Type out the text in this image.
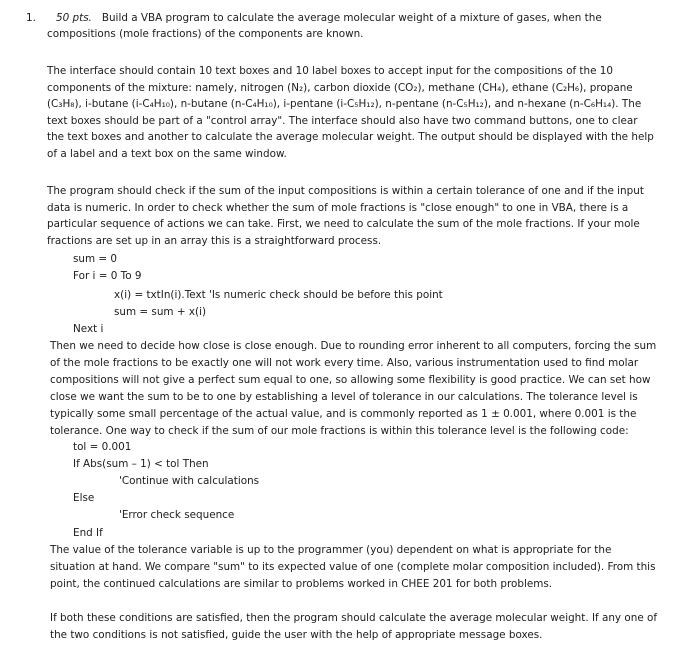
1. 50 pts. Build a VBA program to calculate the average molecular weight of a mixture of gases, when the
compositions (mole fractions) of the components are known.
The interface should contain 10 text boxes and 10 label boxes to accept input for the compositions of the 10
components of the mixture: namely, nitrogen (N₂), carbon dioxide (CO₂), methane (CH₄), ethane (C₂H₆), propane
(C₃H₈), i-butane (i-C₄H₁₀), n-butane (n-C₄H₁₀), i-pentane (i-C₅H₁₂), n-pentane (n-C₅H₁₂), and n-hexane (n-C₆H₁₄). The
text boxes should be part of a "control array". The interface should also have two command buttons, one to clear
the text boxes and another to calculate the average molecular weight. The output should be displayed with the help
of a label and a text box on the same window.
The program should check if the sum of the input compositions is within a certain tolerance of one and if the input
data is numeric. In order to check whether the sum of mole fractions is "close enough" to one in VBA, there is a
particular sequence of actions we can take. First, we need to calculate the sum of the mole fractions. If your mole
fractions are set up in an array this is a straightforward process.
sum = 0
For i = 0 To 9
x(i) = txtIn(i).Text 'Is numeric check should be before this point
sum = sum + x(i)
Next i
Then we need to decide how close is close enough. Due to rounding error inherent to all computers, forcing the sum
of the mole fractions to be exactly one will not work every time. Also, various instrumentation used to find molar
compositions will not give a perfect sum equal to one, so allowing some flexibility is good practice. We can set how
close we want the sum to be to one by establishing a level of tolerance in our calculations. The tolerance level is
typically some small percentage of the actual value, and is commonly reported as 1 ± 0.001, where 0.001 is the
tolerance. One way to check if the sum of our mole fractions is within this tolerance level is the following code:
tol = 0.001
If Abs(sum – 1) < tol Then
'Continue with calculations
Else
'Error check sequence
End If
The value of the tolerance variable is up to the programmer (you) dependent on what is appropriate for the
situation at hand. We compare "sum" to its expected value of one (complete molar composition included). From this
point, the continued calculations are similar to problems worked in CHEE 201 for both problems.
If both these conditions are satisfied, then the program should calculate the average molecular weight. If any one of
the two conditions is not satisfied, guide the user with the help of appropriate message boxes.
